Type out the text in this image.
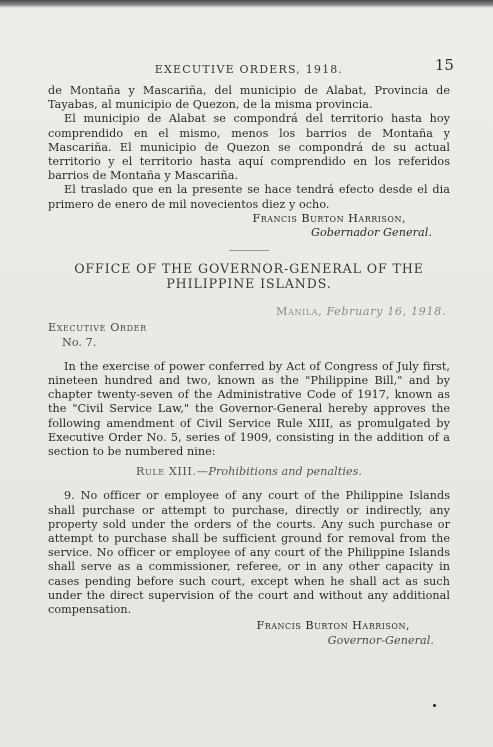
EXECUTIVE ORDERS, 1918.	15

de Montaña y Mascariña, del municipio de Alabat, Provincia de Tayabas, al municipio de Quezon, de la misma provincia.

El municipio de Alabat se compondrá del territorio hasta hoy comprendido en el mismo, menos los barrios de Montaña y Mascariña. El municipio de Quezon se compondrá de su actual territorio y el territorio hasta aquí comprendido en los referidos barrios de Montaña y Mascariña.

El traslado que en la presente se hace tendrá efecto desde el dia primero de enero de mil novecientos diez y ocho.

Francis Burton Harrison,
Gobernador General.
OFFICE OF THE GOVERNOR-GENERAL OF THE
PHILIPPINE ISLANDS.
Manila, February 16, 1918.
Executive Order
No. 7.

In the exercise of power conferred by Act of Congress of July first, nineteen hundred and two, known as the "Philippine Bill," and by chapter twenty-seven of the Administrative Code of 1917, known as the "Civil Service Law," the Governor-General hereby approves the following amendment of Civil Service Rule XIII, as promulgated by Executive Order No. 5, series of 1909, consisting in the addition of a section to be numbered nine:

Rule XIII.—Prohibitions and penalties.

9. No officer or employee of any court of the Philippine Islands shall purchase or attempt to purchase, directly or indirectly, any property sold under the orders of the courts. Any such purchase or attempt to purchase shall be sufficient ground for removal from the service. No officer or employee of any court of the Philippine Islands shall serve as a commissioner, referee, or in any other capacity in cases pending before such court, except when he shall act as such under the direct supervision of the court and without any additional compensation.

Francis Burton Harrison,
Governor-General.
